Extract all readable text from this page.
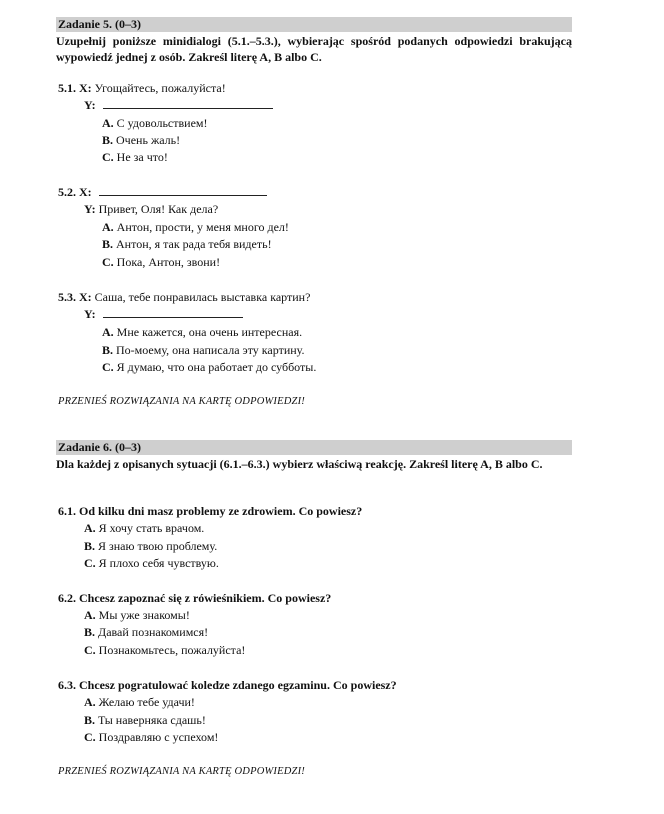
Zadanie 5. (0–3)
Uzupełnij poniższe minidialogi (5.1.–5.3.), wybierając spośród podanych odpowiedzi brakującą wypowiedź jednej z osób. Zakreśl literę A, B albo C.
5.1. X: Угощайтесь, пожалуйста!
Y:
A. С удовольствием!
B. Очень жаль!
C. Не за что!
5.2. X:
Y: Привет, Оля! Как дела?
A. Антон, прости, у меня много дел!
B. Антон, я так рада тебя видеть!
C. Пока, Антон, звони!
5.3. X: Саша, тебе понравилась выставка картин?
Y:
A. Мне кажется, она очень интересная.
B. По-моему, она написала эту картину.
C. Я думаю, что она работает до субботы.
PRZENIEŚ ROZWIĄZANIA NA KARTĘ ODPOWIEDZI!
Zadanie 6. (0–3)
Dla każdej z opisanych sytuacji (6.1.–6.3.) wybierz właściwą reakcję. Zakreśl literę A, B albo C.
6.1. Od kilku dni masz problemy ze zdrowiem. Co powiesz?
A. Я хочу стать врачом.
B. Я знаю твою проблему.
C. Я плохо себя чувствую.
6.2. Chcesz zapoznać się z rówieśnikiem. Co powiesz?
A. Мы уже знакомы!
B. Давай познакомимся!
C. Познакомьтесь, пожалуйста!
6.3. Chcesz pogratulować koledze zdanego egzaminu. Co powiesz?
A. Желаю тебе удачи!
B. Ты наверняка сдашь!
C. Поздравляю с успехом!
PRZENIEŚ ROZWIĄZANIA NA KARTĘ ODPOWIEDZI!
